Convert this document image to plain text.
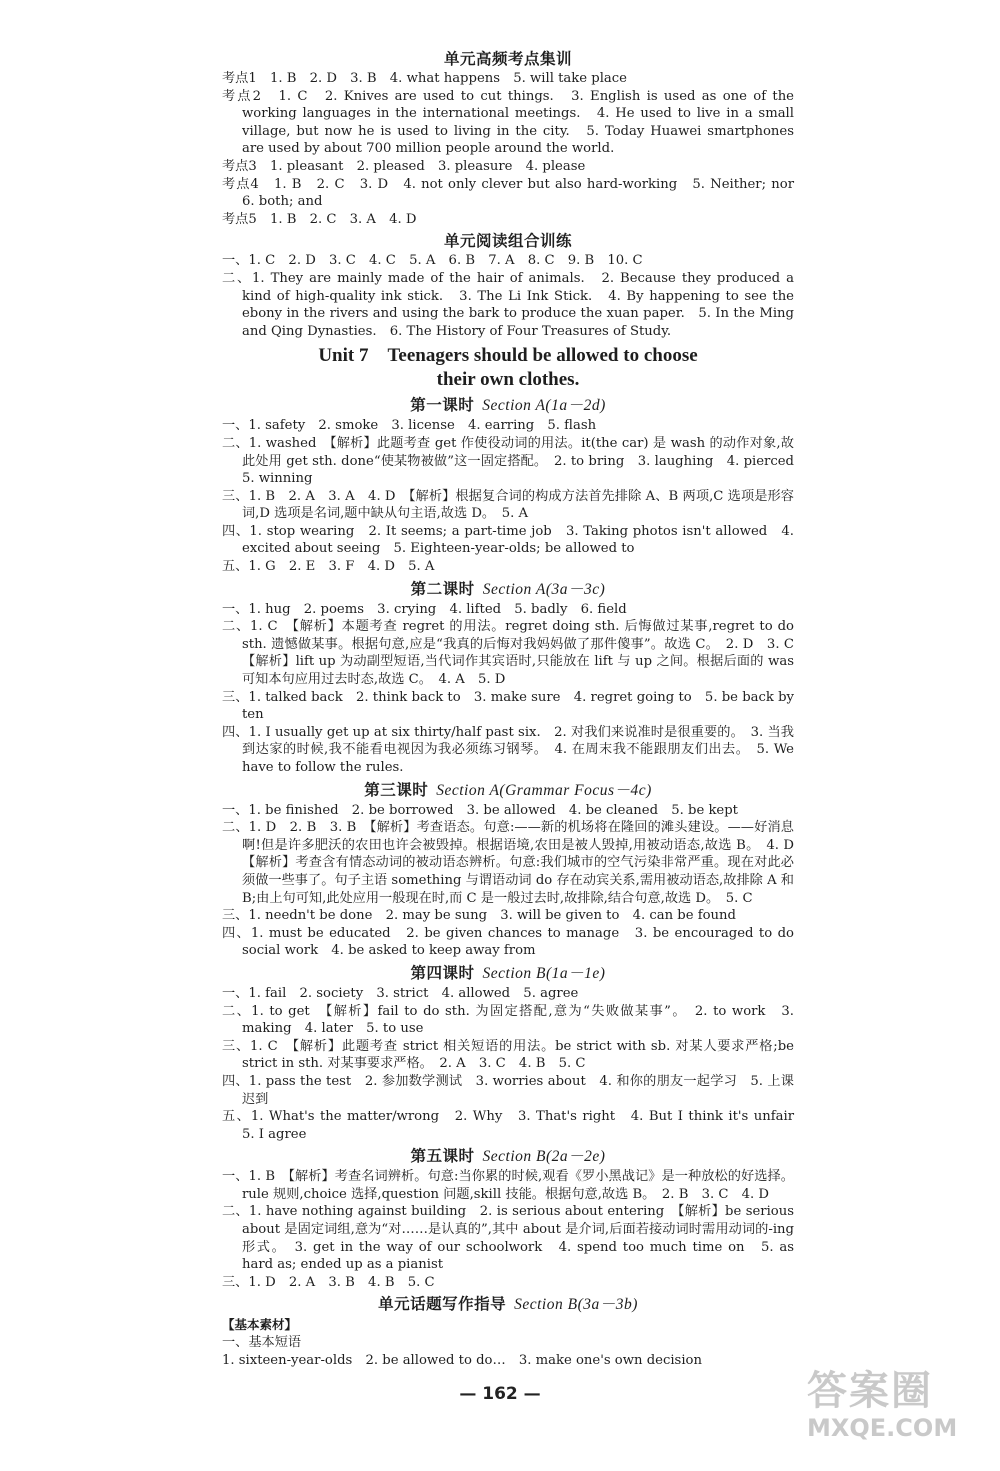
单元高频考点集训

考点1　1. B　2. D　3. B　4. what happens　5. will take place

考点2　1. C　2. Knives are used to cut things.　3. English is used as one of the working languages in the international meetings.　4. He used to live in a small village, but now he is used to living in the city.　5. Today Huawei smartphones are used by about 700 million people around the world.

考点3　1. pleasant　2. pleased　3. pleasure　4. please

考点4　1. B　2. C　3. D　4. not only clever but also hard-working　5. Neither; nor　6. both; and

考点5　1. B　2. C　3. A　4. D

单元阅读组合训练

一、1. C　2. D　3. C　4. C　5. A　6. B　7. A　8. C　9. B　10. C

二、1. They are mainly made of the hair of animals.　2. Because they produced a kind of high-quality ink stick.　3. The Li Ink Stick.　4. By happening to see the ebony in the rivers and using the bark to produce the xuan paper.　5. In the Ming and Qing Dynasties.　6. The History of Four Treasures of Study.

Unit 7　Teenagers should be allowed to choose
their own clothes.
第一课时 Section A(1a－2d)

一、1. safety　2. smoke　3. license　4. earring　5. flash

二、1. washed　【解析】此题考查 get 作使役动词的用法。it(the car) 是 wash 的动作对象,故此处用 get sth. done“使某物被做”这一固定搭配。　2. to bring　3. laughing　4. pierced　5. winning

三、1. B　2. A　3. A　4. D　【解析】根据复合词的构成方法首先排除 A、B 两项,C 选项是形容词,D 选项是名词,题中缺从句主语,故选 D。　5. A

四、1. stop wearing　2. It seems; a part-time job　3. Taking photos isn't allowed　4. excited about seeing　5. Eighteen-year-olds; be allowed to

五、1. G　2. E　3. F　4. D　5. A

第二课时 Section A(3a－3c)

一、1. hug　2. poems　3. crying　4. lifted　5. badly　6. field

二、1. C　【解析】本题考查 regret 的用法。regret doing sth. 后悔做过某事,regret to do sth. 遗憾做某事。根据句意,应是“我真的后悔对我妈妈做了那件傻事”。故选 C。　2. D　3. C　【解析】lift up 为动副型短语,当代词作其宾语时,只能放在 lift 与 up 之间。根据后面的 was 可知本句应用过去时态,故选 C。　4. A　5. D

三、1. talked back　2. think back to　3. make sure　4. regret going to　5. be back by ten

四、1. I usually get up at six thirty/half past six.　2. 对我们来说准时是很重要的。　3. 当我到达家的时候,我不能看电视因为我必须练习钢琴。　4. 在周末我不能跟朋友们出去。　5. We have to follow the rules.

第三课时 Section A(Grammar Focus－4c)

一、1. be finished　2. be borrowed　3. be allowed　4. be cleaned　5. be kept

二、1. D　2. B　3. B　【解析】考查语态。句意:——新的机场将在隆回的滩头建设。——好消息啊!但是许多肥沃的农田也许会被毁掉。根据语境,农田是被人毁掉,用被动语态,故选 B。　4. D　【解析】考查含有情态动词的被动语态辨析。句意:我们城市的空气污染非常严重。现在对此必须做一些事了。句子主语 something 与谓语动词 do 存在动宾关系,需用被动语态,故排除 A 和 B;由上句可知,此处应用一般现在时,而 C 是一般过去时,故排除,结合句意,故选 D。　5. C

三、1. needn't be done　2. may be sung　3. will be given to　4. can be found

四、1. must be educated　2. be given chances to manage　3. be encouraged to do social work　4. be asked to keep away from

第四课时 Section B(1a－1e)

一、1. fail　2. society　3. strict　4. allowed　5. agree

二、1. to get　【解析】fail to do sth. 为固定搭配,意为“失败做某事”。　2. to work　3. making　4. later　5. to use

三、1. C　【解析】此题考查 strict 相关短语的用法。be strict with sb. 对某人要求严格;be strict in sth. 对某事要求严格。　2. A　3. C　4. B　5. C

四、1. pass the test　2. 参加数学测试　3. worries about　4. 和你的朋友一起学习　5. 上课迟到

五、1. What's the matter/wrong　2. Why　3. That's right　4. But I think it's unfair　5. I agree

第五课时 Section B(2a－2e)

一、1. B　【解析】考查名词辨析。句意:当你累的时候,观看《罗小黑战记》是一种放松的好选择。rule 规则,choice 选择,question 问题,skill 技能。根据句意,故选 B。　2. B　3. C　4. D

二、1. have nothing against building　2. is serious about entering　【解析】be serious about 是固定词组,意为“对……是认真的”,其中 about 是介词,后面若接动词时需用动词的-ing 形式。　3. get in the way of our schoolwork　4. spend too much time on　5. as hard as; ended up as a pianist

三、1. D　2. A　3. B　4. B　5. C

单元话题写作指导 Section B(3a－3b)

【基本素材】

一、基本短语

1. sixteen-year-olds　2. be allowed to do…　3. make one's own decision

— 162 —	答案圈
MXQE.COM
